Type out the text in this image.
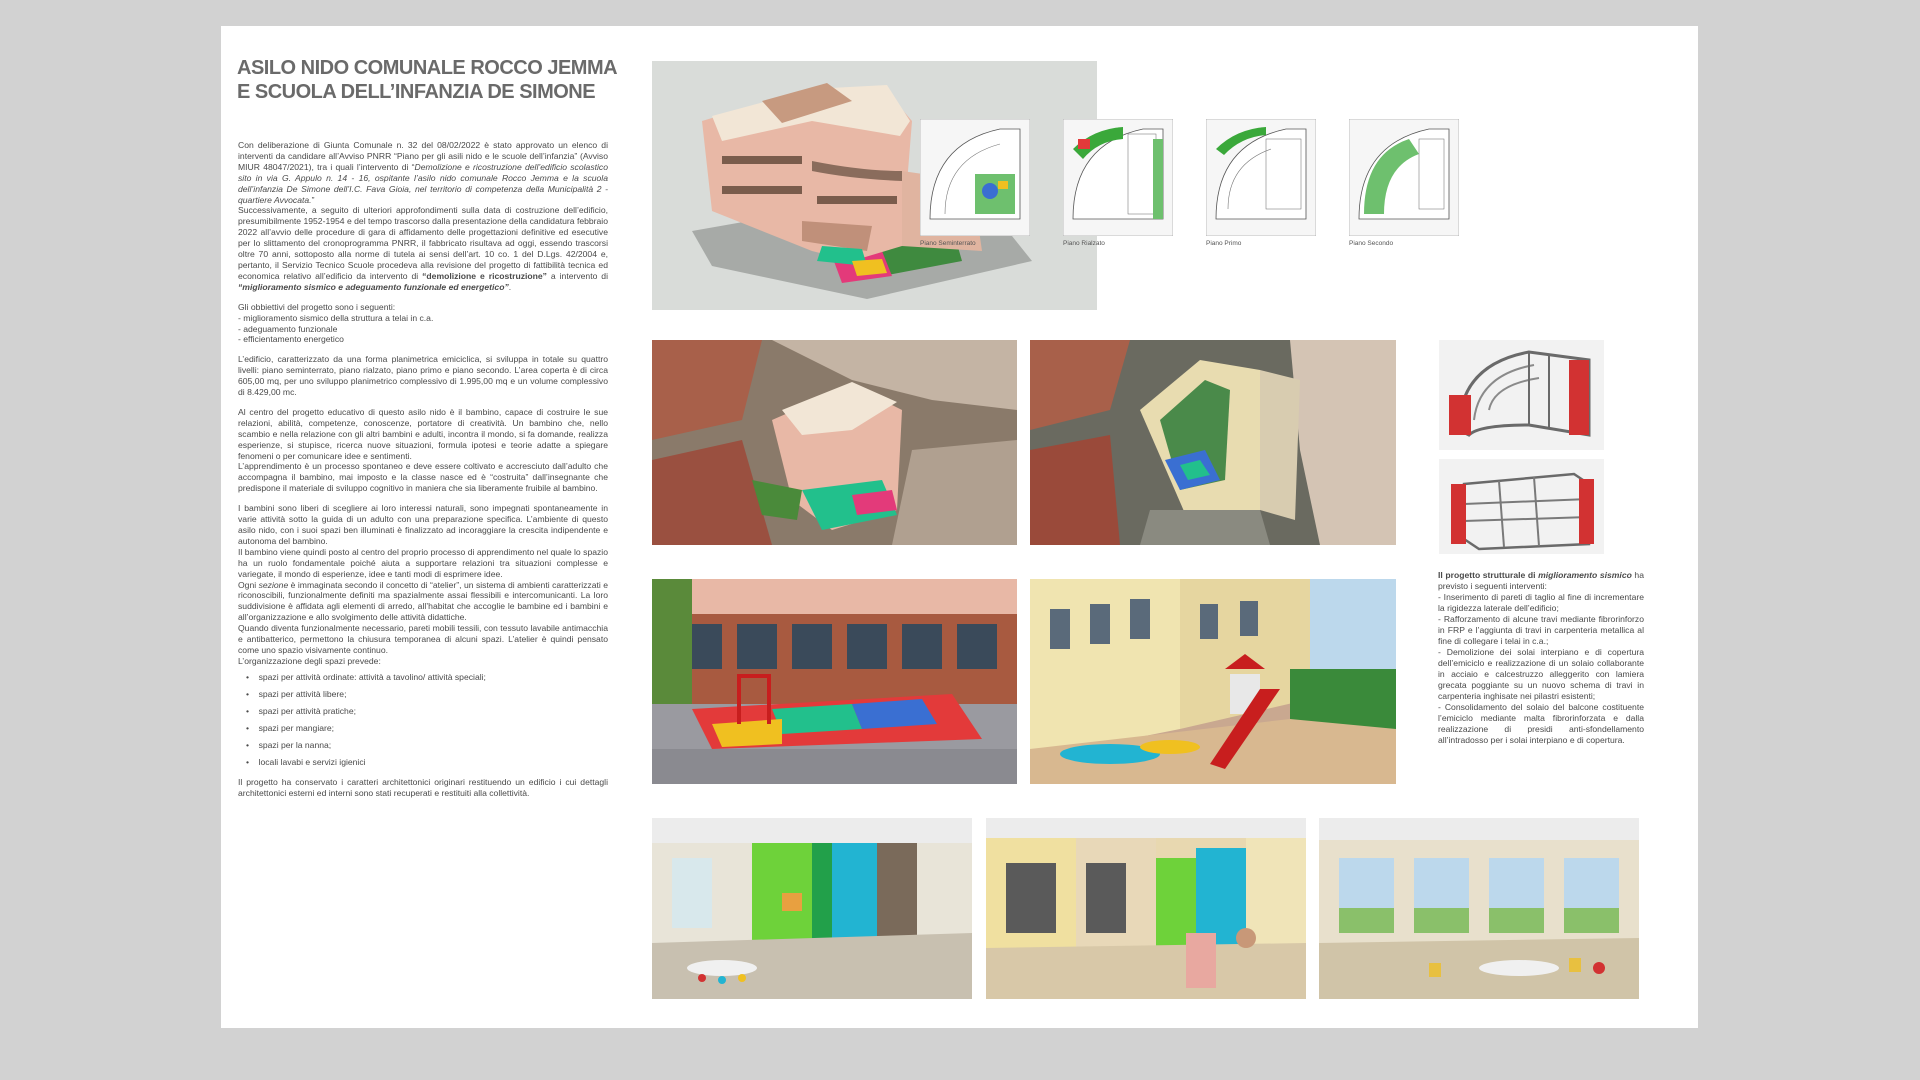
ASILO NIDO COMUNALE ROCCO JEMMA
E SCUOLA DELL’INFANZIA DE SIMONE

Con deliberazione di Giunta Comunale n. 32 del 08/02/2022 è stato approvato un elenco di interventi da candidare all’Avviso PNRR “Piano per gli asili nido e le scuole dell’infanzia” (Avviso MIUR 48047/2021), tra i quali l’intervento di “Demolizione e ricostruzione dell’edificio scolastico sito in via G. Appulo n. 14 - 16, ospitante l’asilo nido comunale Rocco Jemma e la scuola dell’infanzia De Simone dell’I.C. Fava Gioia, nel territorio di competenza della Municipalità 2 - quartiere Avvocata.”
Successivamente, a seguito di ulteriori approfondimenti sulla data di costruzione dell’edificio, presumibilmente 1952-1954 e del tempo trascorso dalla presentazione della candidatura febbraio 2022 all’avvio delle procedure di gara di affidamento delle progettazioni definitive ed esecutive per lo slittamento del cronoprogramma PNRR, il fabbricato risultava ad oggi, essendo trascorsi oltre 70 anni, sottoposto alla norme di tutela ai sensi dell’art. 10 co. 1 del D.Lgs. 42/2004 e, pertanto, il Servizio Tecnico Scuole procedeva alla revisione del progetto di fattibilità tecnica ed economica relativo all’edificio da intervento di “demolizione e ricostruzione” a intervento di “miglioramento sismico e adeguamento funzionale ed energetico”.

Gli obbiettivi del progetto sono i seguenti:
- miglioramento sismico della struttura a telai in c.a.
- adeguamento funzionale
- efficientamento energetico

L’edificio, caratterizzato da una forma planimetrica emiciclica, si sviluppa in totale su quattro livelli: piano seminterrato, piano rialzato, piano primo e piano secondo. L’area coperta è di circa 605,00 mq, per uno sviluppo planimetrico complessivo di 1.995,00 mq e un volume complessivo di 8.429,00 mc.

Al centro del progetto educativo di questo asilo nido è il bambino, capace di costruire le sue relazioni, abilità, competenze, conoscenze, portatore di creatività. Un bambino che, nello scambio e nella relazione con gli altri bambini e adulti, incontra il mondo, si fa domande, realizza esperienze, si stupisce, ricerca nuove situazioni, formula ipotesi e teorie adatte a spiegare fenomeni o per comunicare idee e sentimenti.

L’apprendimento è un processo spontaneo e deve essere coltivato e accresciuto dall’adulto che accompagna il bambino, mai imposto e la classe nasce ed è “costruita” dall’insegnante che predispone il materiale di sviluppo cognitivo in maniera che sia liberamente fruibile al bambino.

I bambini sono liberi di scegliere ai loro interessi naturali, sono impegnati spontaneamente in varie attività sotto la guida di un adulto con una preparazione specifica. L’ambiente di questo asilo nido, con i suoi spazi ben illuminati è finalizzato ad incoraggiare la crescita indipendente e autonoma del bambino.

Il bambino viene quindi posto al centro del proprio processo di apprendimento nel quale lo spazio ha un ruolo fondamentale poiché aiuta a supportare relazioni tra situazioni complesse e variegate, il mondo di esperienze, idee e tanti modi di esprimere idee.

Ogni sezione è immaginata secondo il concetto di “atelier”, un sistema di ambienti caratterizzati e riconoscibili, funzionalmente definiti ma spazialmente assai flessibili e intercomunicanti. La loro suddivisione è affidata agli elementi di arredo, all’habitat che accoglie le bambine ed i bambini e all’organizzazione e allo svolgimento delle attività didattiche.

Quando diventa funzionalmente necessario, pareti mobili tessili, con tessuto lavabile antimacchia e antibatterico, permettono la chiusura temporanea di alcuni spazi. L’atelier è quindi pensato come uno spazio visivamente continuo.

L’organizzazione degli spazi prevede:
•    spazi per attività ordinate: attività a tavolino/ attività speciali;
•    spazi per attività libere;
•    spazi per attività pratiche;
•    spazi per mangiare;
•    spazi per la nanna;
•    locali lavabi e servizi igienici

Il progetto ha conservato i caratteri architettonici originari restituendo un edificio i cui dettagli architettonici esterni ed interni sono stati recuperati e restituiti alla collettività.

Piano Seminterrato	Piano Rialzato	Piano Primo	Piano Secondo

Il progetto strutturale di miglioramento sismico ha previsto i seguenti interventi:

- Inserimento di pareti di taglio al fine di incrementare la rigidezza laterale dell’edificio;

- Rafforzamento di alcune travi mediante fibrorinforzo in FRP e l’aggiunta di travi in carpenteria metallica al fine di collegare i telai in c.a.;

- Demolizione dei solai interpiano e di copertura dell’emiciclo e realizzazione di un solaio collaborante in acciaio e calcestruzzo alleggerito con lamiera grecata poggiante su un nuovo schema di travi in carpenteria inghisate nei pilastri esistenti;

- Consolidamento del solaio del balcone costituente l’emiciclo mediante malta fibrorinforzata e dalla realizzazione di presidi anti-sfondellamento all’intradosso per i solai interpiano e di copertura.
